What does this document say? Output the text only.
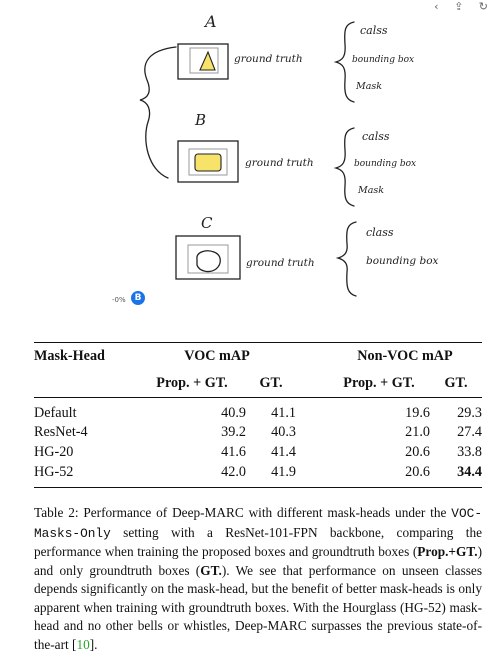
‹ ⇪ ↻
A
B
C
ground truth
ground truth
ground truth
calss
bounding box
Mask
calss
bounding box
Mask
class
bounding box
-0% B
Mask-Head	VOC mAP			Non-VOC mAP	
	Prop. + GT.	GT.		Prop. + GT.	GT.
Default	40.9	41.1		19.6	29.3
ResNet-4	39.2	40.3		21.0	27.4
HG-20	41.6	41.4		20.6	33.8
HG-52	42.0	41.9		20.6	34.4

Table 2: Performance of Deep-MARC with different mask-heads under the VOC-Masks-Only setting with a ResNet-101-FPN backbone, comparing the performance when training the proposed boxes and groundtruth boxes (Prop.+GT.) and only groundtruth boxes (GT.). We see that performance on unseen classes depends significantly on the mask-head, but the benefit of better mask-heads is only apparent when training with groundtruth boxes. With the Hourglass (HG-52) mask-head and no other bells or whistles, Deep-MARC surpasses the previous state-of-the-art [10].
